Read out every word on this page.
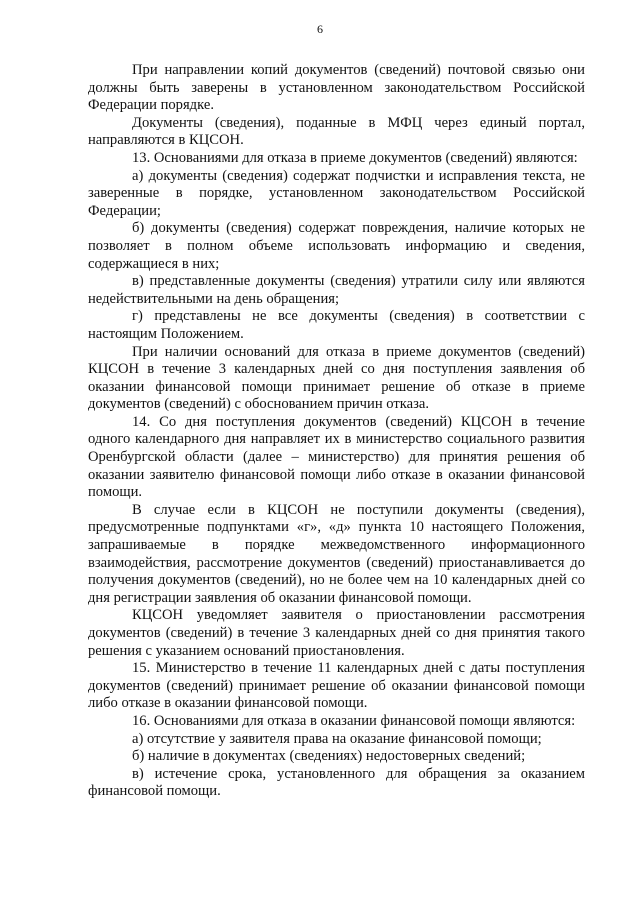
6

При направлении копий документов (сведений) почтовой связью они должны быть заверены в установленном законодательством Российской Федерации порядке.

Документы (сведения), поданные в МФЦ через единый портал, направляются в КЦСОН.

13. Основаниями для отказа в приеме документов (сведений) являются:

а) документы (сведения) содержат подчистки и исправления текста, не заверенные в порядке, установленном законодательством Российской Федерации;

б) документы (сведения) содержат повреждения, наличие которых не позволяет в полном объеме использовать информацию и сведения, содержащиеся в них;

в) представленные документы (сведения) утратили силу или являются недействительными на день обращения;

г) представлены не все документы (сведения) в соответствии с настоящим Положением.

При наличии оснований для отказа в приеме документов (сведений) КЦСОН в течение 3 календарных дней со дня поступления заявления об оказании финансовой помощи принимает решение об отказе в приеме документов (сведений) с обоснованием причин отказа.

14. Со дня поступления документов (сведений) КЦСОН в течение одного календарного дня направляет их в министерство социального развития Оренбургской области (далее – министерство) для принятия решения об оказании заявителю финансовой помощи либо отказе в оказании финансовой помощи.

В случае если в КЦСОН не поступили документы (сведения), предусмотренные подпунктами «г», «д» пункта 10 настоящего Положения, запрашиваемые в порядке межведомственного информационного взаимодействия, рассмотрение документов (сведений) приостанавливается до получения документов (сведений), но не более чем на 10 календарных дней со дня регистрации заявления об оказании финансовой помощи.

КЦСОН уведомляет заявителя о приостановлении рассмотрения документов (сведений) в течение 3 календарных дней со дня принятия такого решения с указанием оснований приостановления.

15. Министерство в течение 11 календарных дней с даты поступления документов (сведений) принимает решение об оказании финансовой помощи либо отказе в оказании финансовой помощи.

16. Основаниями для отказа в оказании финансовой помощи являются:

а) отсутствие у заявителя права на оказание финансовой помощи;

б) наличие в документах (сведениях) недостоверных сведений;

в) истечение срока, установленного для обращения за оказанием финансовой помощи.
